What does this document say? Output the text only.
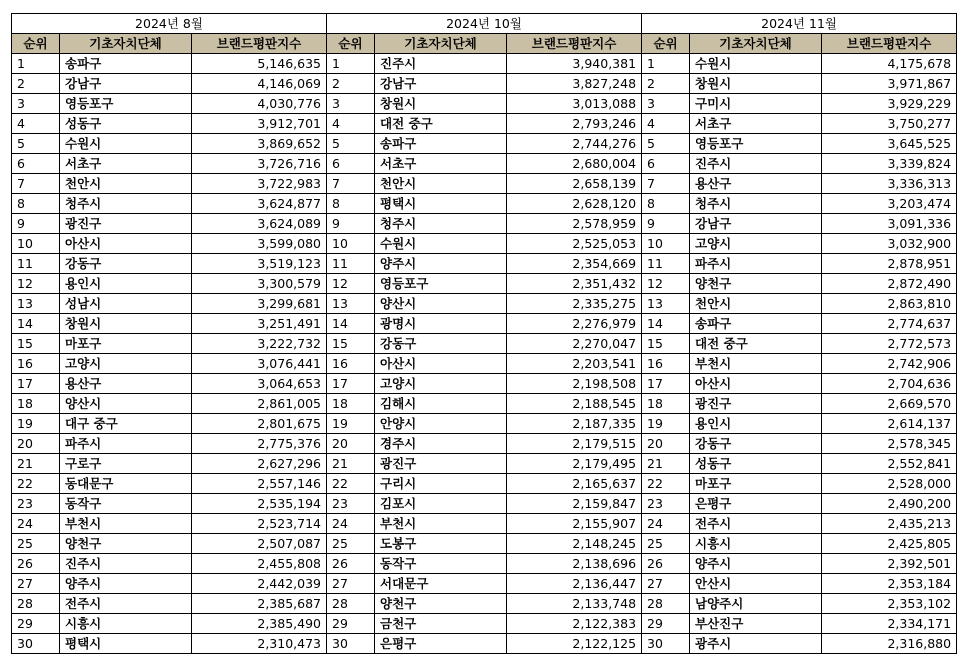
2024년 8월			2024년 10월			2024년 11월		
순위	기초자치단체	브랜드평판지수	순위	기초자치단체	브랜드평판지수	순위	기초자치단체	브랜드평판지수
1	송파구	5,146,635	1	진주시	3,940,381	1	수원시	4,175,678
2	강남구	4,146,069	2	강남구	3,827,248	2	창원시	3,971,867
3	영등포구	4,030,776	3	창원시	3,013,088	3	구미시	3,929,229
4	성동구	3,912,701	4	대전 중구	2,793,246	4	서초구	3,750,277
5	수원시	3,869,652	5	송파구	2,744,276	5	영등포구	3,645,525
6	서초구	3,726,716	6	서초구	2,680,004	6	진주시	3,339,824
7	천안시	3,722,983	7	천안시	2,658,139	7	용산구	3,336,313
8	청주시	3,624,877	8	평택시	2,628,120	8	청주시	3,203,474
9	광진구	3,624,089	9	청주시	2,578,959	9	강남구	3,091,336
10	아산시	3,599,080	10	수원시	2,525,053	10	고양시	3,032,900
11	강동구	3,519,123	11	양주시	2,354,669	11	파주시	2,878,951
12	용인시	3,300,579	12	영등포구	2,351,432	12	양천구	2,872,490
13	성남시	3,299,681	13	양산시	2,335,275	13	천안시	2,863,810
14	창원시	3,251,491	14	광명시	2,276,979	14	송파구	2,774,637
15	마포구	3,222,732	15	강동구	2,270,047	15	대전 중구	2,772,573
16	고양시	3,076,441	16	아산시	2,203,541	16	부천시	2,742,906
17	용산구	3,064,653	17	고양시	2,198,508	17	아산시	2,704,636
18	양산시	2,861,005	18	김해시	2,188,545	18	광진구	2,669,570
19	대구 중구	2,801,675	19	안양시	2,187,335	19	용인시	2,614,137
20	파주시	2,775,376	20	경주시	2,179,515	20	강동구	2,578,345
21	구로구	2,627,296	21	광진구	2,179,495	21	성동구	2,552,841
22	동대문구	2,557,146	22	구리시	2,165,637	22	마포구	2,528,000
23	동작구	2,535,194	23	김포시	2,159,847	23	은평구	2,490,200
24	부천시	2,523,714	24	부천시	2,155,907	24	전주시	2,435,213
25	양천구	2,507,087	25	도봉구	2,148,245	25	시흥시	2,425,805
26	진주시	2,455,808	26	동작구	2,138,696	26	양주시	2,392,501
27	양주시	2,442,039	27	서대문구	2,136,447	27	안산시	2,353,184
28	전주시	2,385,687	28	양천구	2,133,748	28	남양주시	2,353,102
29	시흥시	2,385,490	29	금천구	2,122,383	29	부산진구	2,334,171
30	평택시	2,310,473	30	은평구	2,122,125	30	광주시	2,316,880
